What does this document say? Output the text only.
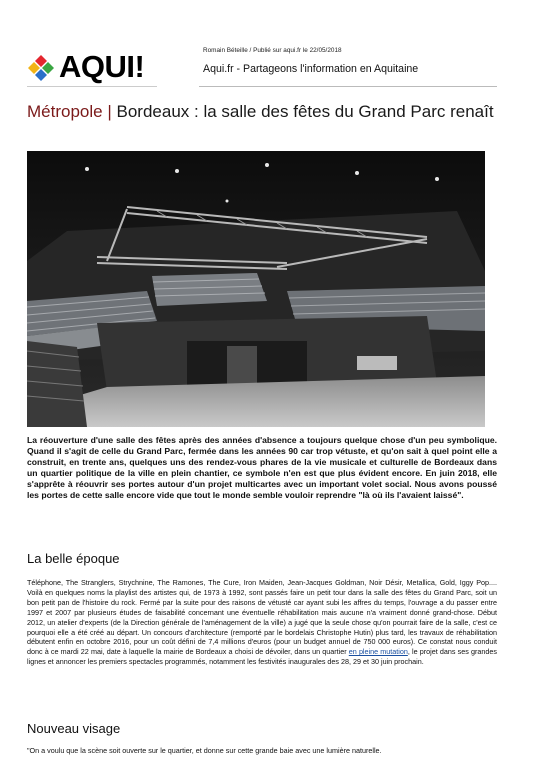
AQUI!	Romain Béteille / Publié sur aqui.fr le 22/05/2018
Aqui.fr - Partageons l'information en Aquitaine
Métropole | Bordeaux : la salle des fêtes du Grand Parc renaît

La réouverture d'une salle des fêtes après des années d'absence a toujours quelque chose d'un peu symbolique. Quand il s'agit de celle du Grand Parc, fermée dans les années 90 car trop vétuste, et qu'on sait à quel point elle a construit, en trente ans, quelques uns des rendez-vous phares de la vie musicale et culturelle de Bordeaux dans un quartier politique de la ville en plein chantier, ce symbole n'en est que plus évident encore. En juin 2018, elle s'apprête à réouvrir ses portes autour d'un projet multicartes avec un important volet social. Nous avons poussé les portes de cette salle encore vide que tout le monde semble vouloir reprendre "là où ils l'avaient laissé".

La belle époque

Téléphone, The Stranglers, Strychnine, The Ramones, The Cure, Iron Maiden, Jean-Jacques Goldman, Noir Désir, Metallica, Gold, Iggy Pop.... Voilà en quelques noms la playlist des artistes qui, de 1973 à 1992, sont passés faire un petit tour dans la salle des fêtes du Grand Parc, soit un bon petit pan de l'histoire du rock. Fermé par la suite pour des raisons de vétusté car ayant subi les affres du temps, l'ouvrage a du passer entre 1997 et 2007 par plusieurs études de faisabilité concernant une éventuelle réhabilitation mais aucune n'a vraiment donné grand-chose. Début 2012, un atelier d'experts (de la Direction générale de l'aménagement de la ville) a jugé que la seule chose qu'on pourrait faire de la salle, c'est ce pourquoi elle a été créé au départ. Un concours d'architecture (remporté par le bordelais Christophe Hutin) plus tard, les travaux de réhabilitation débutent enfin en octobre 2016, pour un coût défini de 7,4 millions d'euros (pour un budget annuel de 750 000 euros). Ce constat nous conduit donc à ce mardi 22 mai, date à laquelle la mairie de Bordeaux a choisi de dévoiler, dans un quartier en pleine mutation, le projet dans ses grandes lignes et annoncer les premiers spectacles programmés, notamment les festivités inaugurales des 28, 29 et 30 juin prochain.

Nouveau visage

"On a voulu que la scène soit ouverte sur le quartier, et donne sur cette grande baie avec une lumière naturelle.
